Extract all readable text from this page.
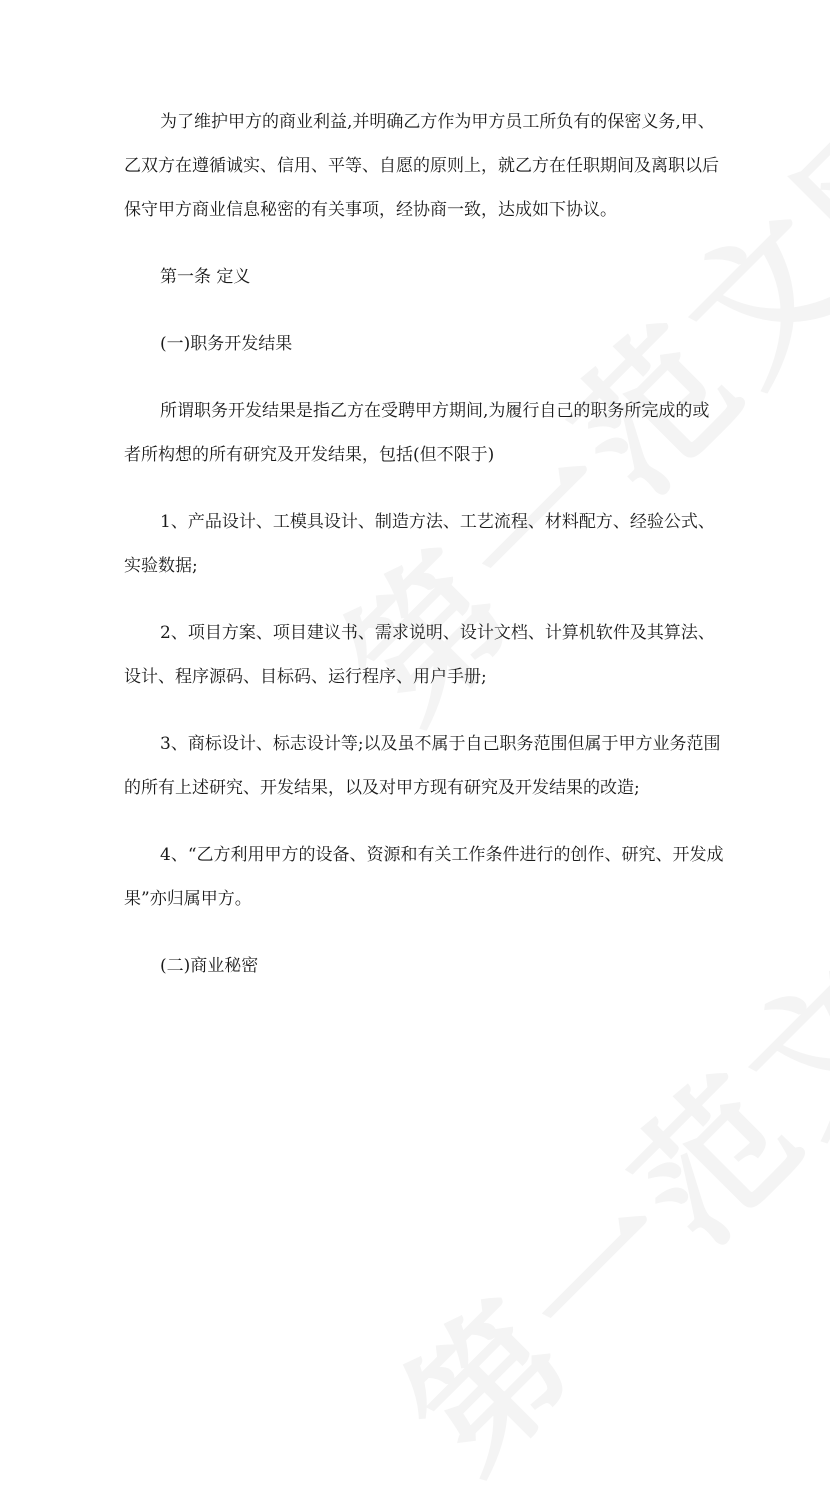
为了维护甲方的商业利益,并明确乙方作为甲方员工所负有的保密义务,甲、乙双方在遵循诚实、信用、平等、自愿的原则上，就乙方在任职期间及离职以后保守甲方商业信息秘密的有关事项，经协商一致，达成如下协议。

第一条 定义

(一)职务开发结果

所谓职务开发结果是指乙方在受聘甲方期间,为履行自己的职务所完成的或者所构想的所有研究及开发结果，包括(但不限于)

1、产品设计、工模具设计、制造方法、工艺流程、材料配方、经验公式、实验数据;

2、项目方案、项目建议书、需求说明、设计文档、计算机软件及其算法、设计、程序源码、目标码、运行程序、用户手册;

3、商标设计、标志设计等;以及虽不属于自己职务范围但属于甲方业务范围的所有上述研究、开发结果，以及对甲方现有研究及开发结果的改造;

4、“乙方利用甲方的设备、资源和有关工作条件进行的创作、研究、开发成果”亦归属甲方。

(二)商业秘密
